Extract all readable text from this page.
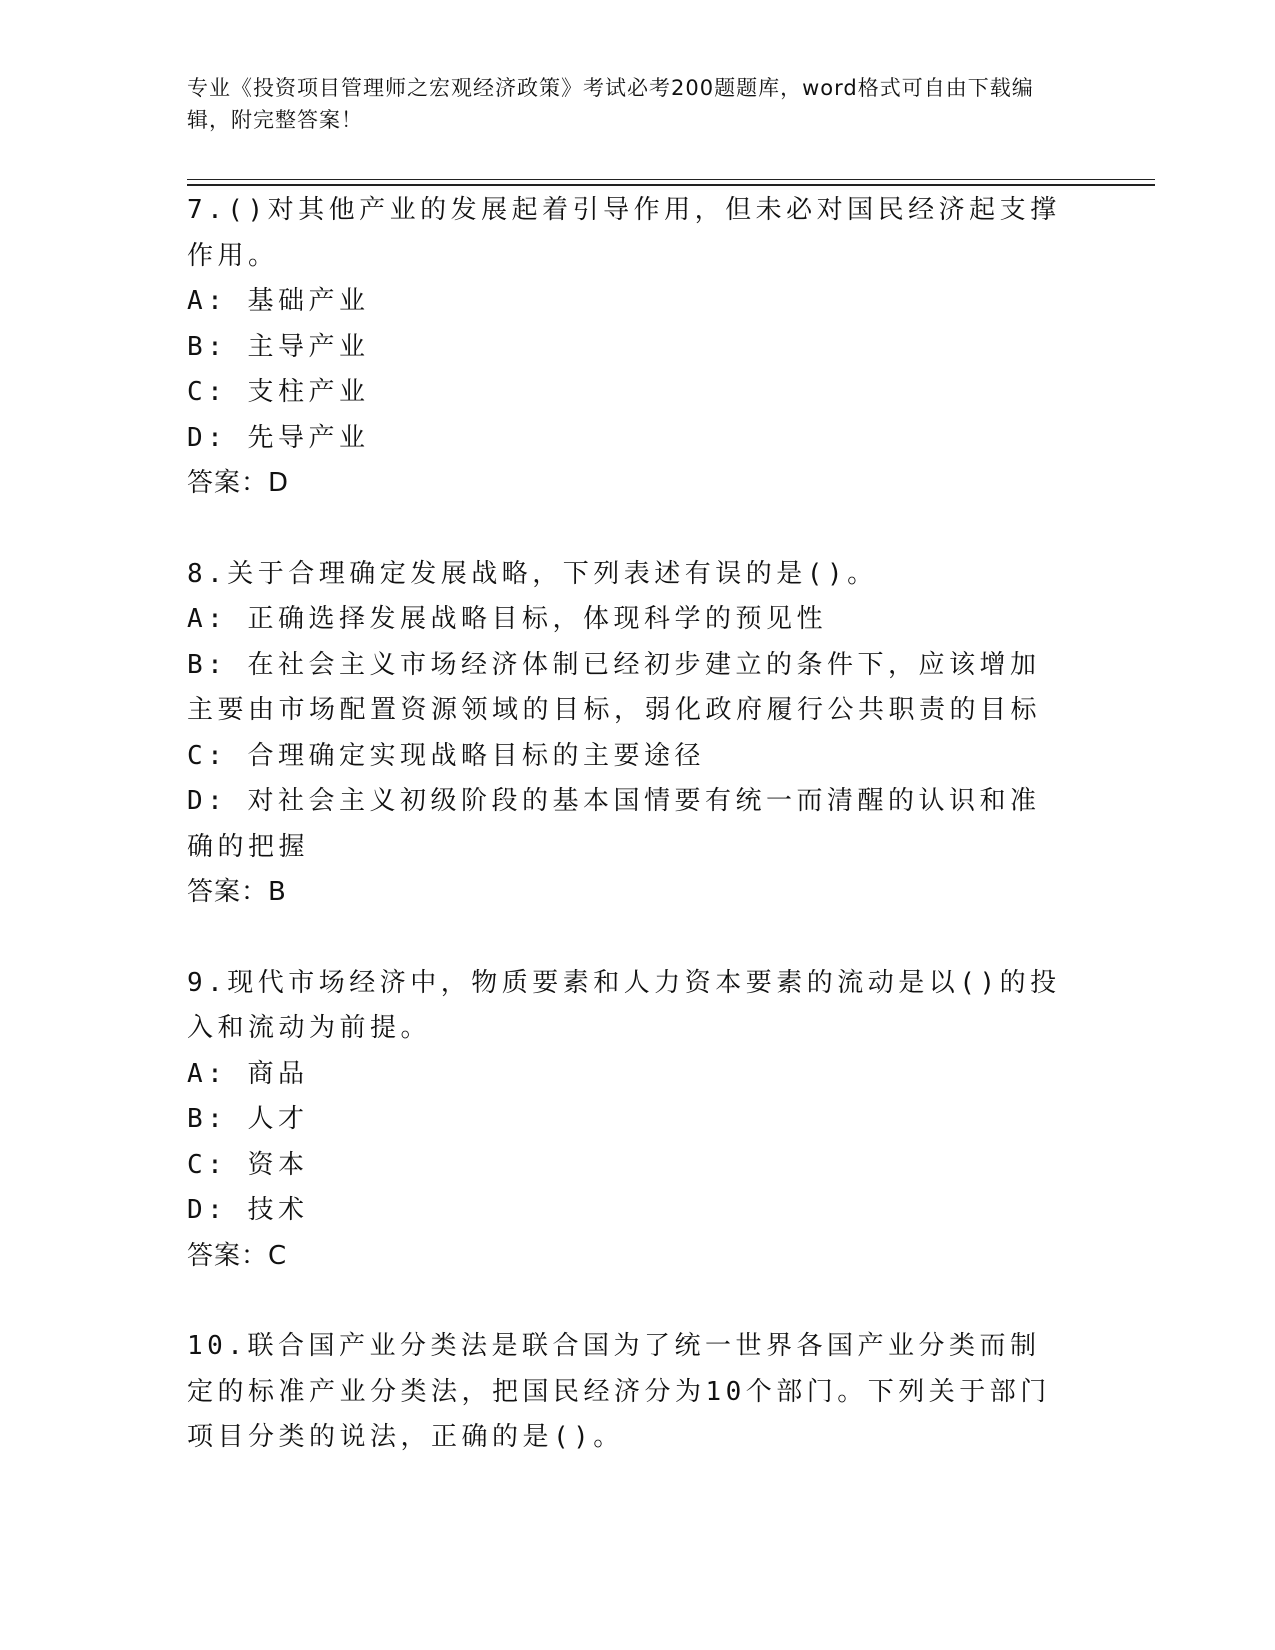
专业《投资项目管理师之宏观经济政策》考试必考200题题库，word格式可自由下载编辑，附完整答案！

7.()对其他产业的发展起着引导作用，但未必对国民经济起支撑作用。

A: 基础产业

B: 主导产业

C: 支柱产业

D: 先导产业

答案：D

8.关于合理确定发展战略，下列表述有误的是()。

A: 正确选择发展战略目标，体现科学的预见性

B: 在社会主义市场经济体制已经初步建立的条件下，应该增加主要由市场配置资源领域的目标，弱化政府履行公共职责的目标

C: 合理确定实现战略目标的主要途径

D: 对社会主义初级阶段的基本国情要有统一而清醒的认识和准确的把握

答案：B

9.现代市场经济中，物质要素和人力资本要素的流动是以()的投入和流动为前提。

A: 商品

B: 人才

C: 资本

D: 技术

答案：C

10.联合国产业分类法是联合国为了统一世界各国产业分类而制定的标准产业分类法，把国民经济分为10个部门。下列关于部门项目分类的说法，正确的是()。
